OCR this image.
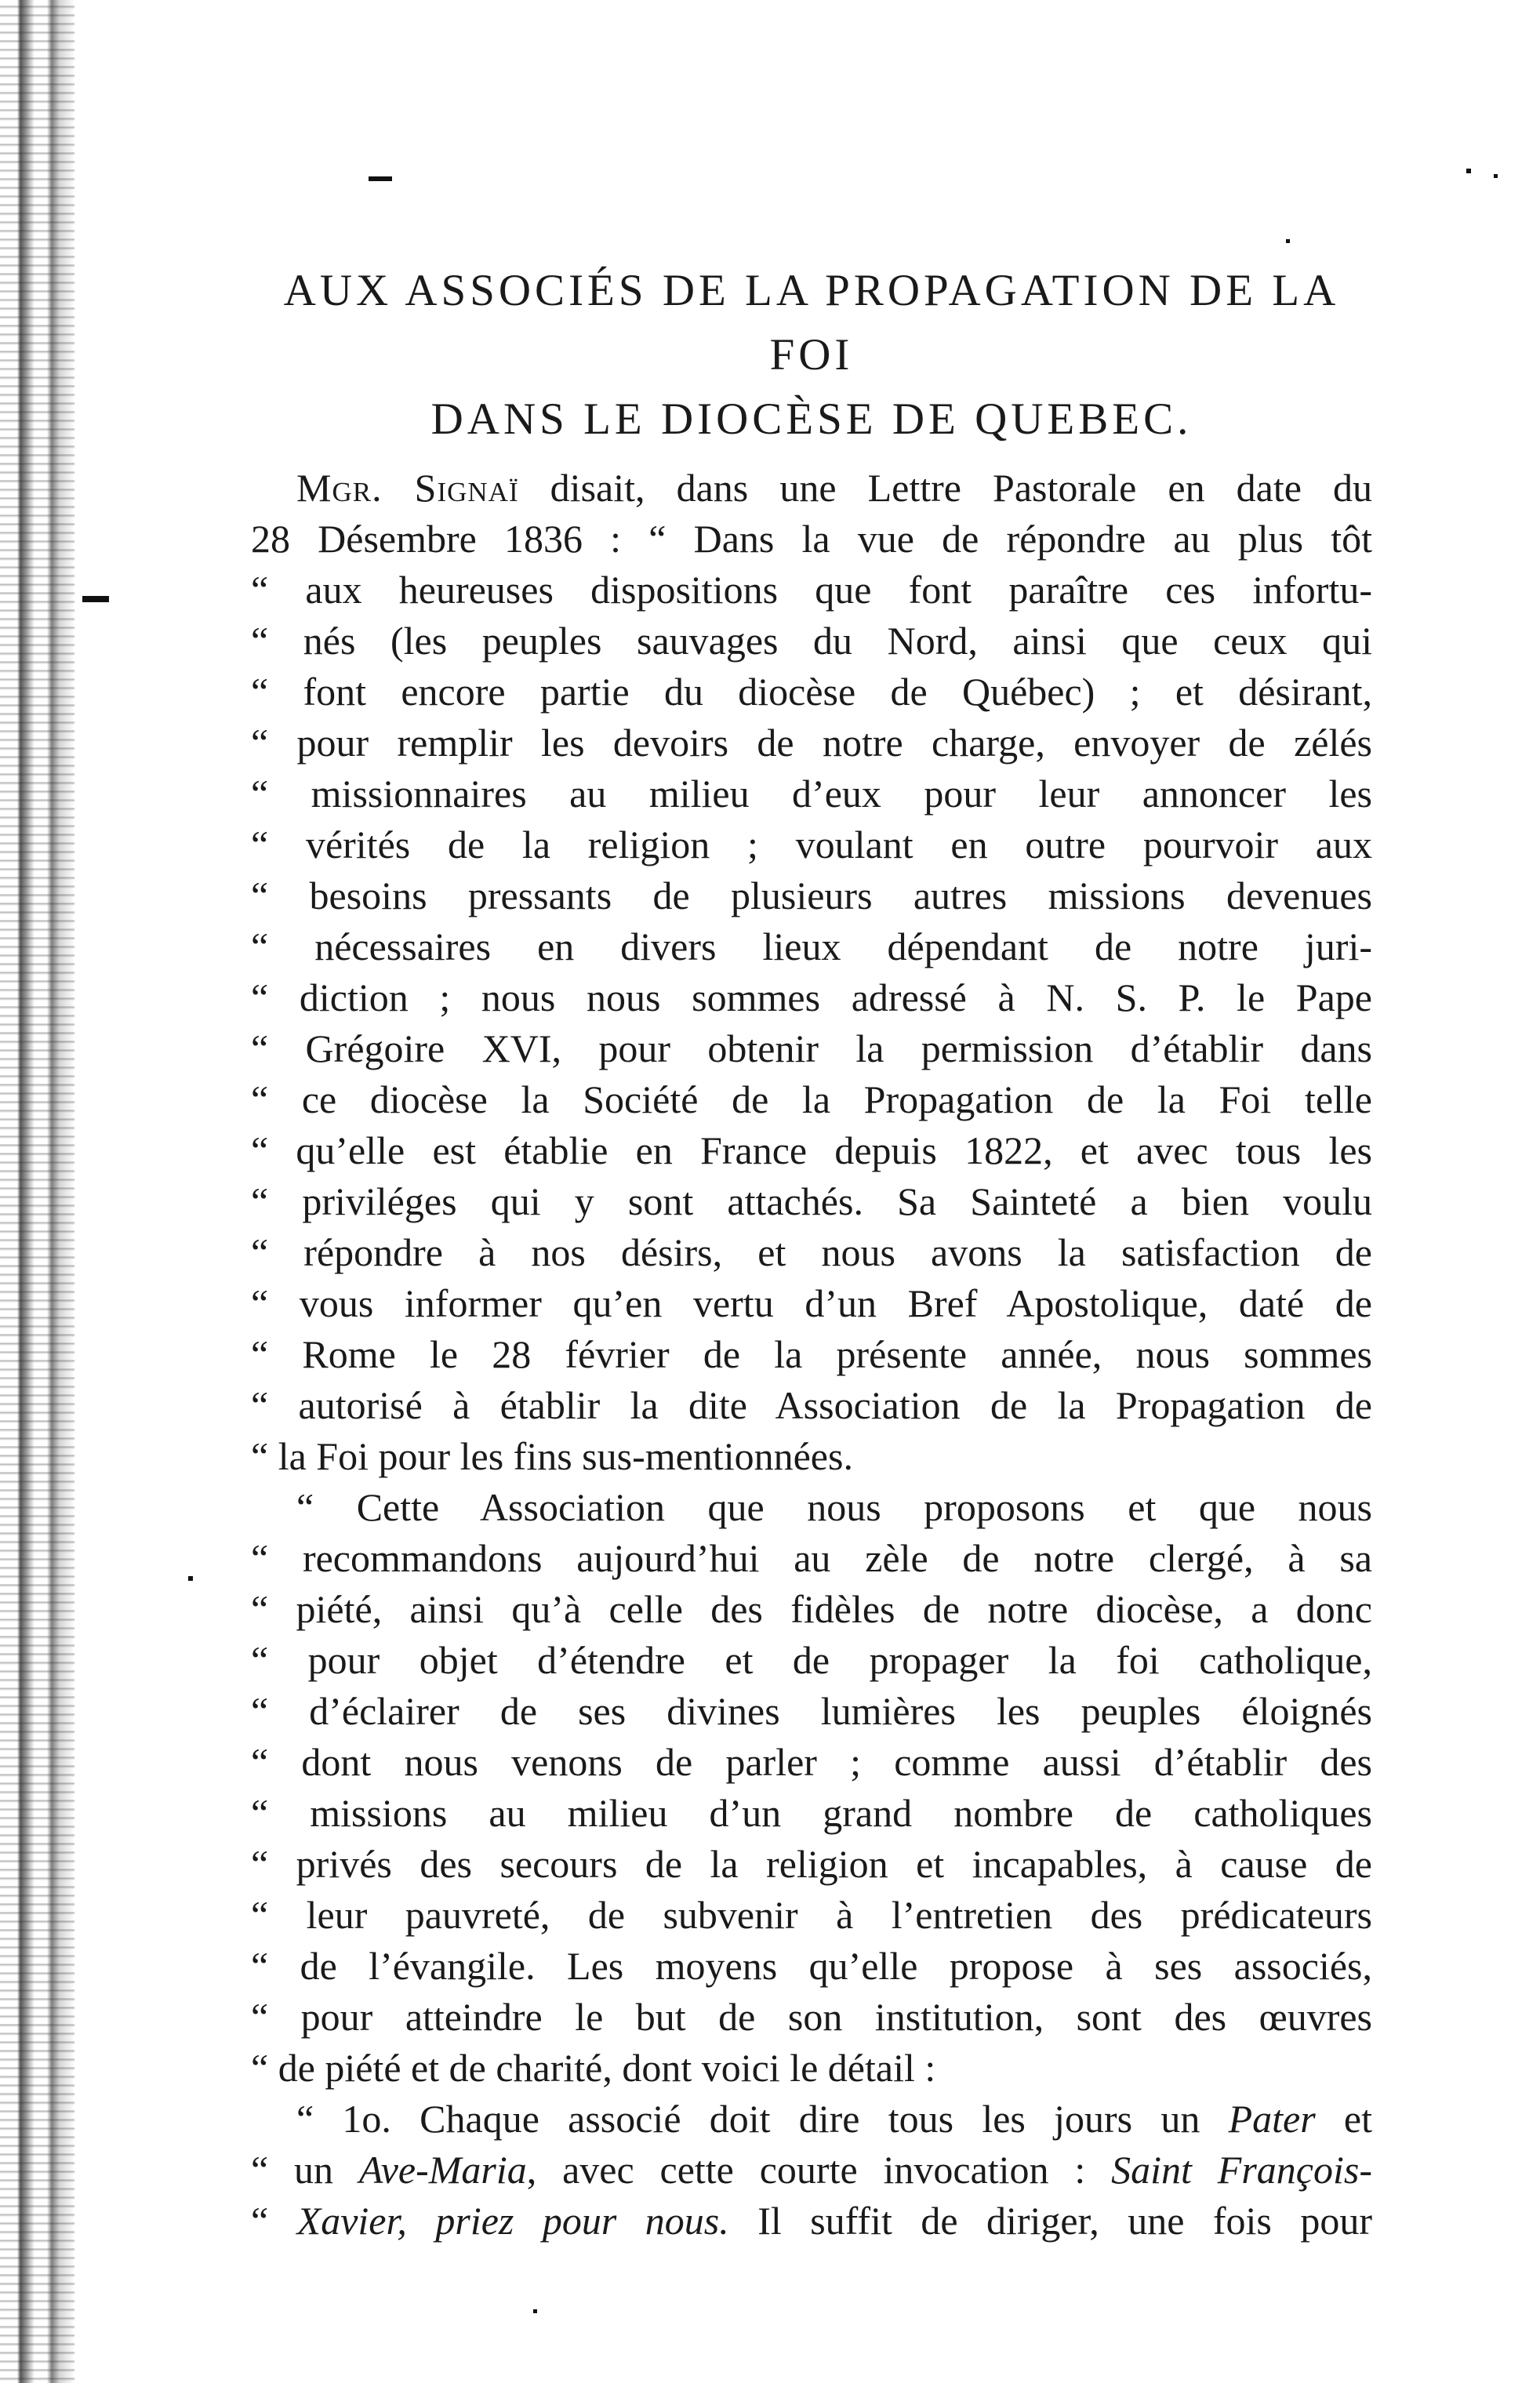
AUX ASSOCIÉS DE LA PROPAGATION DE LA FOI
DANS LE DIOCÈSE DE QUEBEC.
Mgr. Signaï disait, dans une Lettre Pastorale en date du
28 Désembre 1836 : “ Dans la vue de répondre au plus tôt
“ aux heureuses dispositions que font paraître ces infortu-
“ nés (les peuples sauvages du Nord, ainsi que ceux qui
“ font encore partie du diocèse de Québec) ; et désirant,
“ pour remplir les devoirs de notre charge, envoyer de zélés
“ missionnaires au milieu d’eux pour leur annoncer les
“ vérités de la religion ; voulant en outre pourvoir aux
“ besoins pressants de plusieurs autres missions devenues
“ nécessaires en divers lieux dépendant de notre juri-
“ diction ; nous nous sommes adressé à N. S. P. le Pape
“ Grégoire XVI, pour obtenir la permission d’établir dans
“ ce diocèse la Société de la Propagation de la Foi telle
“ qu’elle est établie en France depuis 1822, et avec tous les
“ priviléges qui y sont attachés. Sa Sainteté a bien voulu
“ répondre à nos désirs, et nous avons la satisfaction de
“ vous informer qu’en vertu d’un Bref Apostolique, daté de
“ Rome le 28 février de la présente année, nous sommes
“ autorisé à établir la dite Association de la Propagation de
“ la Foi pour les fins sus-mentionnées.
“ Cette Association que nous proposons et que nous
“ recommandons aujourd’hui au zèle de notre clergé, à sa
“ piété, ainsi qu’à celle des fidèles de notre diocèse, a donc
“ pour objet d’étendre et de propager la foi catholique,
“ d’éclairer de ses divines lumières les peuples éloignés
“ dont nous venons de parler ; comme aussi d’établir des
“ missions au milieu d’un grand nombre de catholiques
“ privés des secours de la religion et incapables, à cause de
“ leur pauvreté, de subvenir à l’entretien des prédicateurs
“ de l’évangile. Les moyens qu’elle propose à ses associés,
“ pour atteindre le but de son institution, sont des œuvres
“ de piété et de charité, dont voici le détail :
“ 1o. Chaque associé doit dire tous les jours un Pater et
“ un Ave-Maria, avec cette courte invocation : Saint François-
“ Xavier, priez pour nous. Il suffit de diriger, une fois pour
